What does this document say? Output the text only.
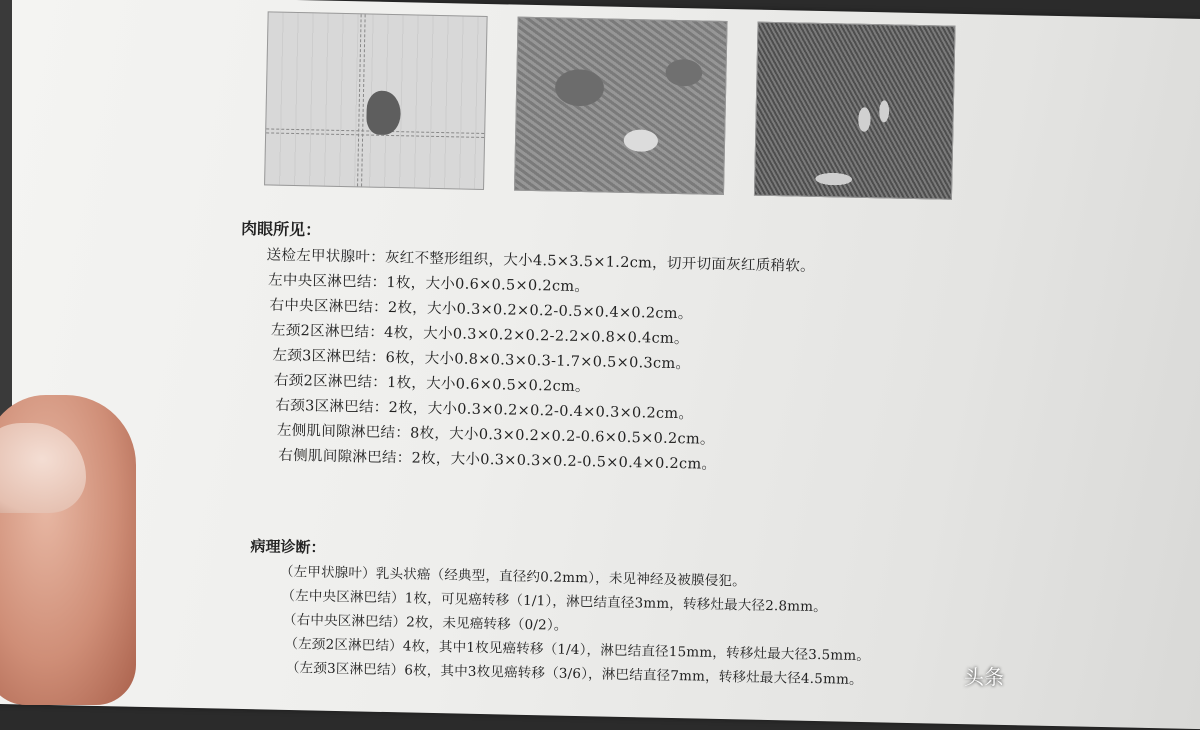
肉眼所见：
送检左甲状腺叶：灰红不整形组织，大小4.5×3.5×1.2cm，切开切面灰红质稍软。
左中央区淋巴结：1枚，大小0.6×0.5×0.2cm。
右中央区淋巴结：2枚，大小0.3×0.2×0.2-0.5×0.4×0.2cm。
左颈2区淋巴结：4枚，大小0.3×0.2×0.2-2.2×0.8×0.4cm。
左颈3区淋巴结：6枚，大小0.8×0.3×0.3-1.7×0.5×0.3cm。
右颈2区淋巴结：1枚，大小0.6×0.5×0.2cm。
右颈3区淋巴结：2枚，大小0.3×0.2×0.2-0.4×0.3×0.2cm。
左侧肌间隙淋巴结：8枚，大小0.3×0.2×0.2-0.6×0.5×0.2cm。
右侧肌间隙淋巴结：2枚，大小0.3×0.3×0.2-0.5×0.4×0.2cm。
病理诊断：
（左甲状腺叶）乳头状癌（经典型，直径约0.2mm），未见神经及被膜侵犯。
（左中央区淋巴结）1枚，可见癌转移（1/1），淋巴结直径3mm，转移灶最大径2.8mm。
（右中央区淋巴结）2枚，未见癌转移（0/2）。
（左颈2区淋巴结）4枚，其中1枚见癌转移（1/4），淋巴结直径15mm，转移灶最大径3.5mm。
（左颈3区淋巴结）6枚，其中3枚见癌转移（3/6），淋巴结直径7mm，转移灶最大径4.5mm。	头条
